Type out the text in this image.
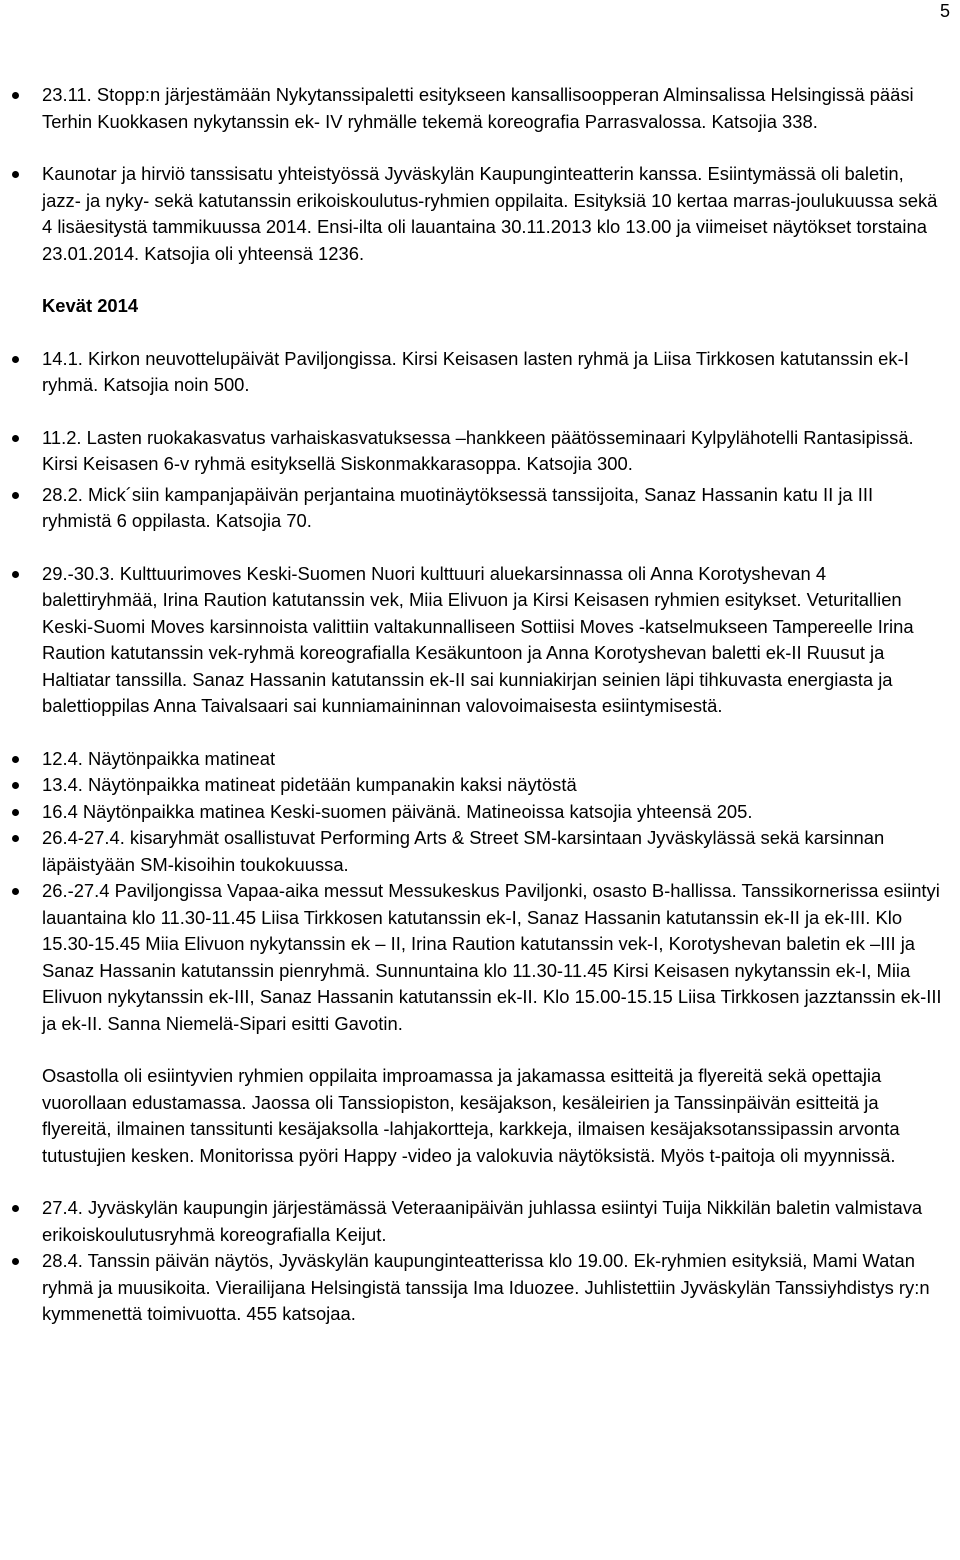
5
23.11. Stopp:n järjestämään Nykytanssipaletti esitykseen kansallisoopperan Alminsalissa Helsingissä pääsi Terhin Kuokkasen nykytanssin ek- IV ryhmälle tekemä koreografia Parrasvalossa. Katsojia 338.
Kaunotar ja hirviö tanssisatu yhteistyössä Jyväskylän Kaupunginteatterin kanssa. Esiintymässä oli baletin, jazz- ja nyky- sekä katutanssin erikoiskoulutus-ryhmien oppilaita. Esityksiä 10 kertaa marras-joulukuussa sekä 4 lisäesitystä tammikuussa 2014. Ensi-ilta oli lauantaina 30.11.2013 klo 13.00 ja viimeiset näytökset torstaina 23.01.2014. Katsojia oli yhteensä 1236.
Kevät 2014
14.1. Kirkon neuvottelupäivät Paviljongissa. Kirsi Keisasen lasten ryhmä ja Liisa Tirkkosen katutanssin ek-I ryhmä. Katsojia noin 500.
11.2. Lasten ruokakasvatus varhaiskasvatuksessa –hankkeen päätösseminaari Kylpylähotelli Rantasipissä. Kirsi Keisasen 6-v ryhmä esityksellä Siskonmakkarasoppa. Katsojia 300.
28.2. Mick´siin kampanjapäivän perjantaina muotinäytöksessä tanssijoita, Sanaz Hassanin katu II ja III ryhmistä 6 oppilasta. Katsojia 70.
29.-30.3. Kulttuurimoves Keski-Suomen Nuori kulttuuri aluekarsinnassa oli Anna Korotyshevan 4 balettiryhmää, Irina Raution katutanssin vek, Miia Elivuon ja Kirsi Keisasen ryhmien esitykset. Veturitallien Keski-Suomi Moves karsinnoista valittiin valtakunnalliseen Sottiisi Moves -katselmukseen Tampereelle Irina Raution katutanssin vek-ryhmä koreografialla Kesäkuntoon ja Anna Korotyshevan baletti ek-II Ruusut ja Haltiatar tanssilla. Sanaz Hassanin katutanssin ek-II sai kunniakirjan seinien läpi tihkuvasta energiasta ja balettioppilas Anna Taivalsaari sai kunniamaininnan valovoimaisesta esiintymisestä.
12.4. Näytönpaikka matineat
13.4. Näytönpaikka matineat pidetään kumpanakin kaksi näytöstä
16.4 Näytönpaikka matinea Keski-suomen päivänä. Matineoissa katsojia yhteensä 205.
26.4-27.4. kisaryhmät osallistuvat Performing Arts & Street SM-karsintaan Jyväskylässä sekä karsinnan läpäistyään SM-kisoihin toukokuussa.
26.-27.4 Paviljongissa Vapaa-aika messut Messukeskus Paviljonki, osasto B-hallissa. Tanssikornerissa esiintyi lauantaina klo 11.30-11.45 Liisa Tirkkosen katutanssin ek-I, Sanaz Hassanin katutanssin ek-II ja ek-III. Klo 15.30-15.45 Miia Elivuon nykytanssin ek – II, Irina Raution katutanssin vek-I, Korotyshevan baletin ek –III ja Sanaz Hassanin katutanssin pienryhmä. Sunnuntaina klo 11.30-11.45 Kirsi Keisasen nykytanssin ek-I, Miia Elivuon nykytanssin ek-III, Sanaz Hassanin katutanssin ek-II. Klo 15.00-15.15 Liisa Tirkkosen jazztanssin ek-III ja ek-II. Sanna Niemelä-Sipari esitti Gavotin.
Osastolla oli esiintyvien ryhmien oppilaita improamassa ja jakamassa esitteitä ja flyereitä sekä opettajia vuorollaan edustamassa. Jaossa oli Tanssiopiston, kesäjakson, kesäleirien ja Tanssinpäivän esitteitä ja flyereitä, ilmainen tanssitunti kesäjaksolla -lahjakortteja, karkkeja, ilmaisen kesäjaksotanssipassin arvonta tutustujien kesken. Monitorissa pyöri Happy -video ja valokuvia näytöksistä. Myös t-paitoja oli myynnissä.
27.4. Jyväskylän kaupungin järjestämässä Veteraanipäivän juhlassa esiintyi Tuija Nikkilän baletin valmistava erikoiskoulutusryhmä koreografialla Keijut.
28.4. Tanssin päivän näytös, Jyväskylän kaupunginteatterissa klo 19.00. Ek-ryhmien esityksiä, Mami Watan ryhmä ja muusikoita. Vierailijana Helsingistä tanssija Ima Iduozee. Juhlistettiin Jyväskylän Tanssiyhdistys ry:n kymmenettä toimivuotta. 455 katsojaa.
